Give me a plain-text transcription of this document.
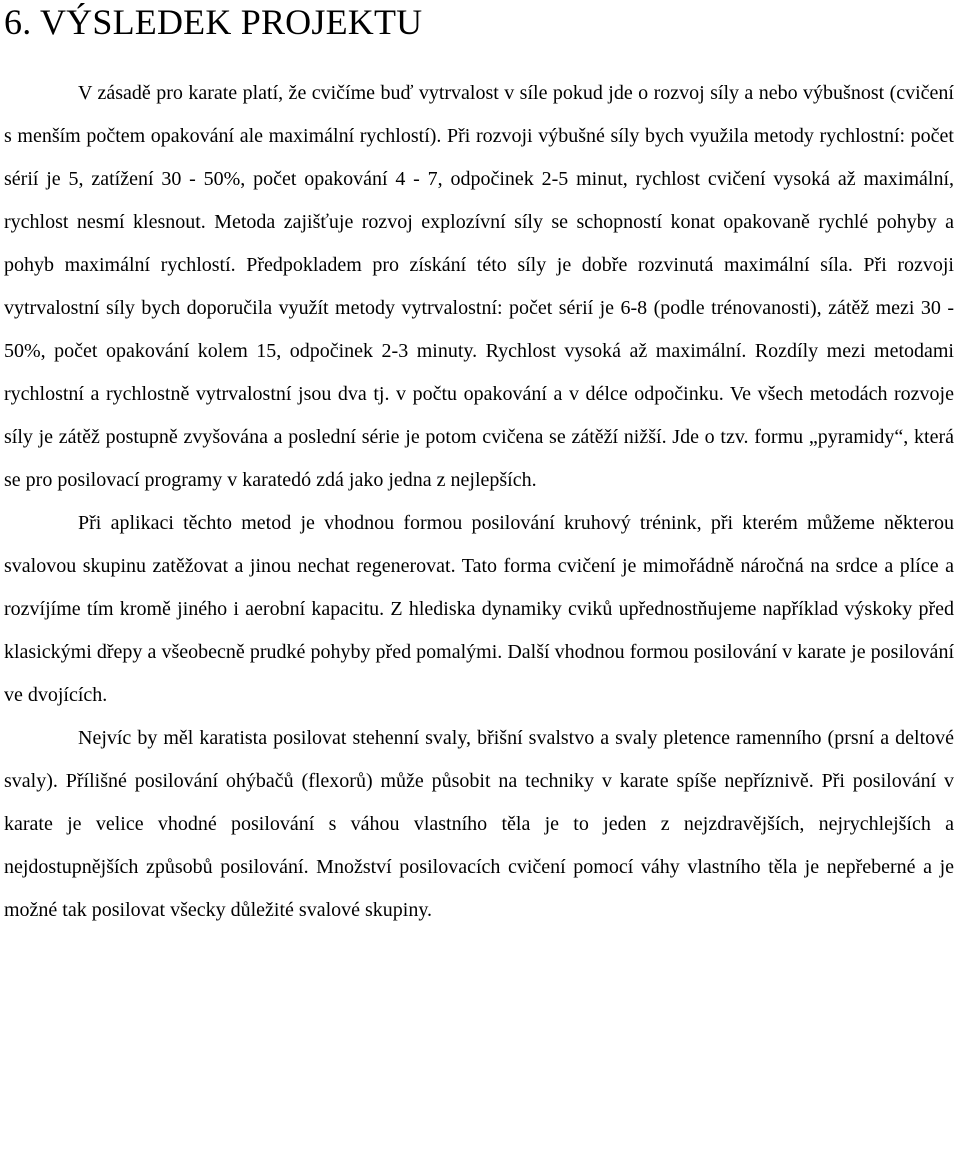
6. VÝSLEDEK PROJEKTU

V zásadě pro karate platí, že cvičíme buď vytrvalost v síle pokud jde o rozvoj síly a nebo výbušnost (cvičení s menším počtem opakování ale maximální rychlostí). Při rozvoji výbušné síly bych využila metody rychlostní: počet sérií je 5, zatížení 30 - 50%, počet opakování 4 - 7, odpočinek 2-5 minut, rychlost cvičení vysoká až maximální, rychlost nesmí klesnout. Metoda zajišťuje rozvoj explozívní síly se schopností konat opakovaně rychlé pohyby a pohyb maximální rychlostí. Předpokladem pro získání této síly je dobře rozvinutá maximální síla. Při rozvoji vytrvalostní síly bych doporučila využít metody vytrvalostní: počet sérií je 6-8 (podle trénovanosti), zátěž mezi 30 - 50%, počet opakování kolem 15, odpočinek 2-3 minuty. Rychlost vysoká až maximální. Rozdíly mezi metodami rychlostní a rychlostně vytrvalostní jsou dva tj. v počtu opakování a v délce odpočinku. Ve všech metodách rozvoje síly je zátěž postupně zvyšována a poslední série je potom cvičena se zátěží nižší. Jde o tzv. formu „pyramidy“, která se pro posilovací programy v karatedó zdá jako jedna z nejlepších.

Při aplikaci těchto metod je vhodnou formou posilování kruhový trénink, při kterém můžeme některou svalovou skupinu zatěžovat a jinou nechat regenerovat. Tato forma cvičení je mimořádně náročná na srdce a plíce a rozvíjíme tím kromě jiného i aerobní kapacitu. Z hlediska dynamiky cviků upřednostňujeme například výskoky před klasickými dřepy a všeobecně prudké pohyby před pomalými. Další vhodnou formou posilování v karate je posilování ve dvojících.

Nejvíc by měl karatista posilovat stehenní svaly, břišní svalstvo a svaly pletence ramenního (prsní a deltové svaly). Přílišné posilování ohýbačů (flexorů) může působit na techniky v karate spíše nepříznivě. Při posilování v karate je velice vhodné posilování s váhou vlastního těla je to jeden z nejzdravějších, nejrychlejších a nejdostupnějších způsobů posilování. Množství posilovacích cvičení pomocí váhy vlastního těla je nepřeberné a je možné tak posilovat všecky důležité svalové skupiny.
